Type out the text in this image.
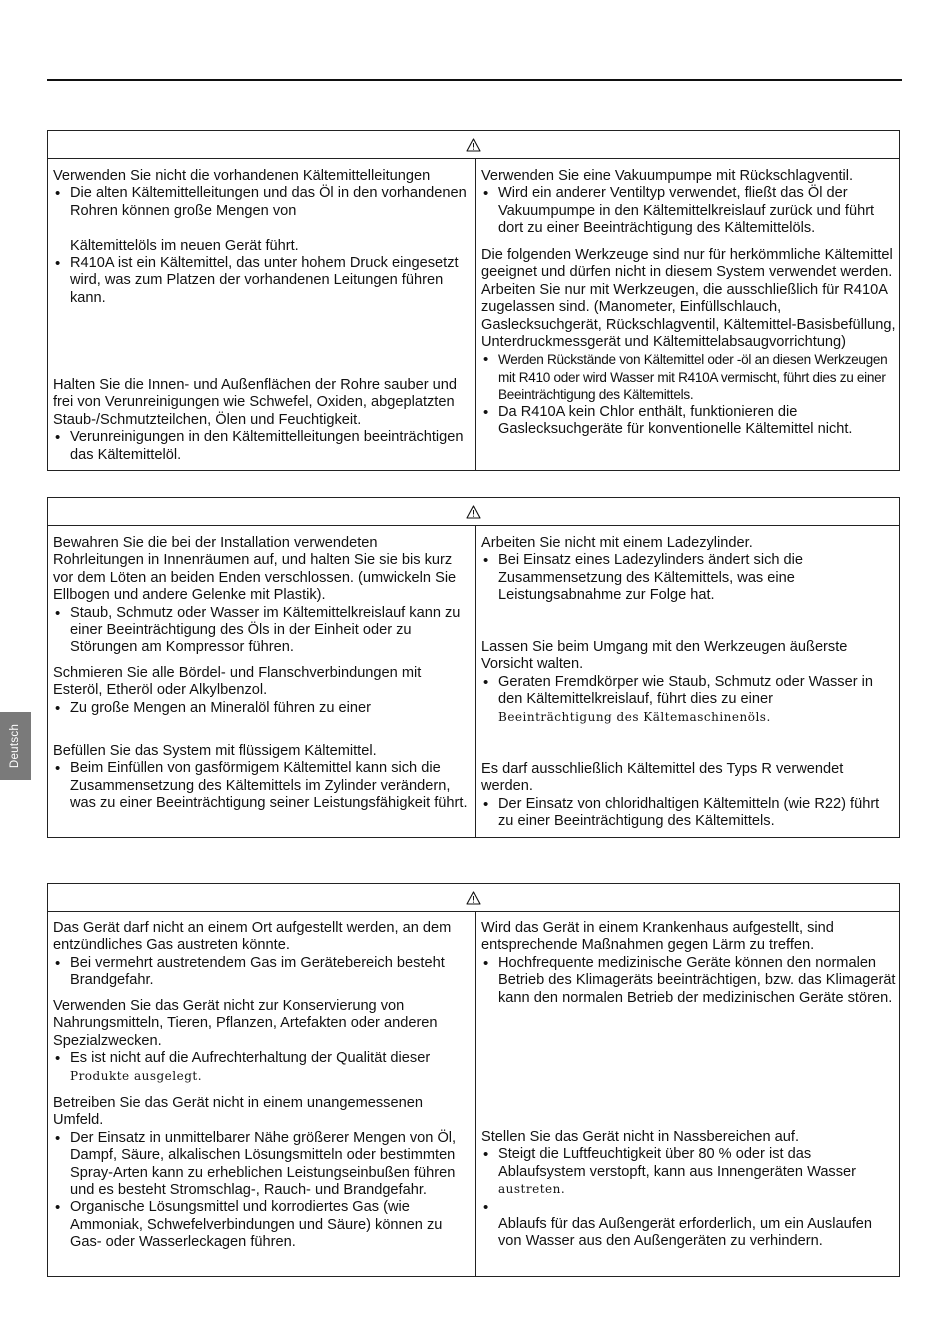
Deutsch

Verwenden Sie nicht die vorhandenen Kältemittelleitungen

• Die alten Kältemittelleitungen und das Öl in den vorhandenen Rohren können große Mengen von

Kältemittelöls im neuen Gerät führt.

• R410A ist ein Kältemittel, das unter hohem Druck eingesetzt wird, was zum Platzen der vorhandenen Leitungen führen kann.

Halten Sie die Innen- und Außenflächen der Rohre sauber und frei von Verunreinigungen wie Schwefel, Oxiden, abgeplatzten Staub-/Schmutzteilchen, Ölen und Feuchtigkeit.

• Verunreinigungen in den Kältemittelleitungen beeinträchtigen das Kältemittelöl.

Verwenden Sie eine Vakuumpumpe mit Rückschlagventil.

• Wird ein anderer Ventiltyp verwendet, fließt das Öl der Vakuumpumpe in den Kältemittelkreislauf zurück und führt dort zu einer Beeinträchtigung des Kältemittelöls.

Die folgenden Werkzeuge sind nur für herkömmliche Kältemittel geeignet und dürfen nicht in diesem System verwendet werden. Arbeiten Sie nur mit Werkzeugen, die ausschließlich für R410A zugelassen sind. (Manometer, Einfüllschlauch, Gaslecksuchgerät, Rückschlagventil, Kältemittel-Basisbefüllung, Unterdruckmessgerät und Kältemittelabsaugvorrichtung)

• Werden Rückstände von Kältemittel oder -öl an diesen Werkzeugen mit R410 oder wird Wasser mit R410A vermischt, führt dies zu einer Beeinträchtigung des Kältemittels.

• Da R410A kein Chlor enthält, funktionieren die Gaslecksuchgeräte für konventionelle Kältemittel nicht.

Bewahren Sie die bei der Installation verwendeten Rohrleitungen in Innenräumen auf, und halten Sie sie bis kurz vor dem Löten an beiden Enden verschlossen. (umwickeln Sie Ellbogen und andere Gelenke mit Plastik).

• Staub, Schmutz oder Wasser im Kältemittelkreislauf kann zu einer Beeinträchtigung des Öls in der Einheit oder zu Störungen am Kompressor führen.

Schmieren Sie alle Bördel- und Flanschverbindungen mit Esteröl, Etheröl oder Alkylbenzol.

• Zu große Mengen an Mineralöl führen zu einer

Befüllen Sie das System mit flüssigem Kältemittel.

• Beim Einfüllen von gasförmigem Kältemittel kann sich die Zusammensetzung des Kältemittels im Zylinder verändern, was zu einer Beeinträchtigung seiner Leistungsfähigkeit führt.

Arbeiten Sie nicht mit einem Ladezylinder.

• Bei Einsatz eines Ladezylinders ändert sich die Zusammensetzung des Kältemittels, was eine Leistungsabnahme zur Folge hat.

Lassen Sie beim Umgang mit den Werkzeugen äußerste Vorsicht walten.

• Geraten Fremdkörper wie Staub, Schmutz oder Wasser in den Kältemittelkreislauf, führt dies zu einer

Beeinträchtigung des Kältemaschinenöls.

Es darf ausschließlich Kältemittel des Typs R verwendet werden.

• Der Einsatz von chloridhaltigen Kältemitteln (wie R22) führt zu einer Beeinträchtigung des Kältemittels.

Das Gerät darf nicht an einem Ort aufgestellt werden, an dem entzündliches Gas austreten könnte.

• Bei vermehrt austretendem Gas im Gerätebereich besteht Brandgefahr.

Verwenden Sie das Gerät nicht zur Konservierung von Nahrungsmitteln, Tieren, Pflanzen, Artefakten oder anderen Spezialzwecken.

• Es ist nicht auf die Aufrechterhaltung der Qualität dieser

Produkte ausgelegt.

Betreiben Sie das Gerät nicht in einem unangemessenen Umfeld.

• Der Einsatz in unmittelbarer Nähe größerer Mengen von Öl, Dampf, Säure, alkalischen Lösungsmitteln oder bestimmten Spray-Arten kann zu erheblichen Leistungseinbußen führen und es besteht Stromschlag-, Rauch- und Brandgefahr.

• Organische Lösungsmittel und korrodiertes Gas (wie Ammoniak, Schwefelverbindungen und Säure) können zu Gas- oder Wasserleckagen führen.

Wird das Gerät in einem Krankenhaus aufgestellt, sind entsprechende Maßnahmen gegen Lärm zu treffen.

• Hochfrequente medizinische Geräte können den normalen Betrieb des Klimageräts beeinträchtigen, bzw. das Klimagerät kann den normalen Betrieb der medizinischen Geräte stören.

Stellen Sie das Gerät nicht in Nassbereichen auf.

• Steigt die Luftfeuchtigkeit über 80 % oder ist das Ablaufsystem verstopft, kann aus Innengeräten Wasser

austreten.

•

Ablaufs für das Außengerät erforderlich, um ein Auslaufen von Wasser aus den Außengeräten zu verhindern.
